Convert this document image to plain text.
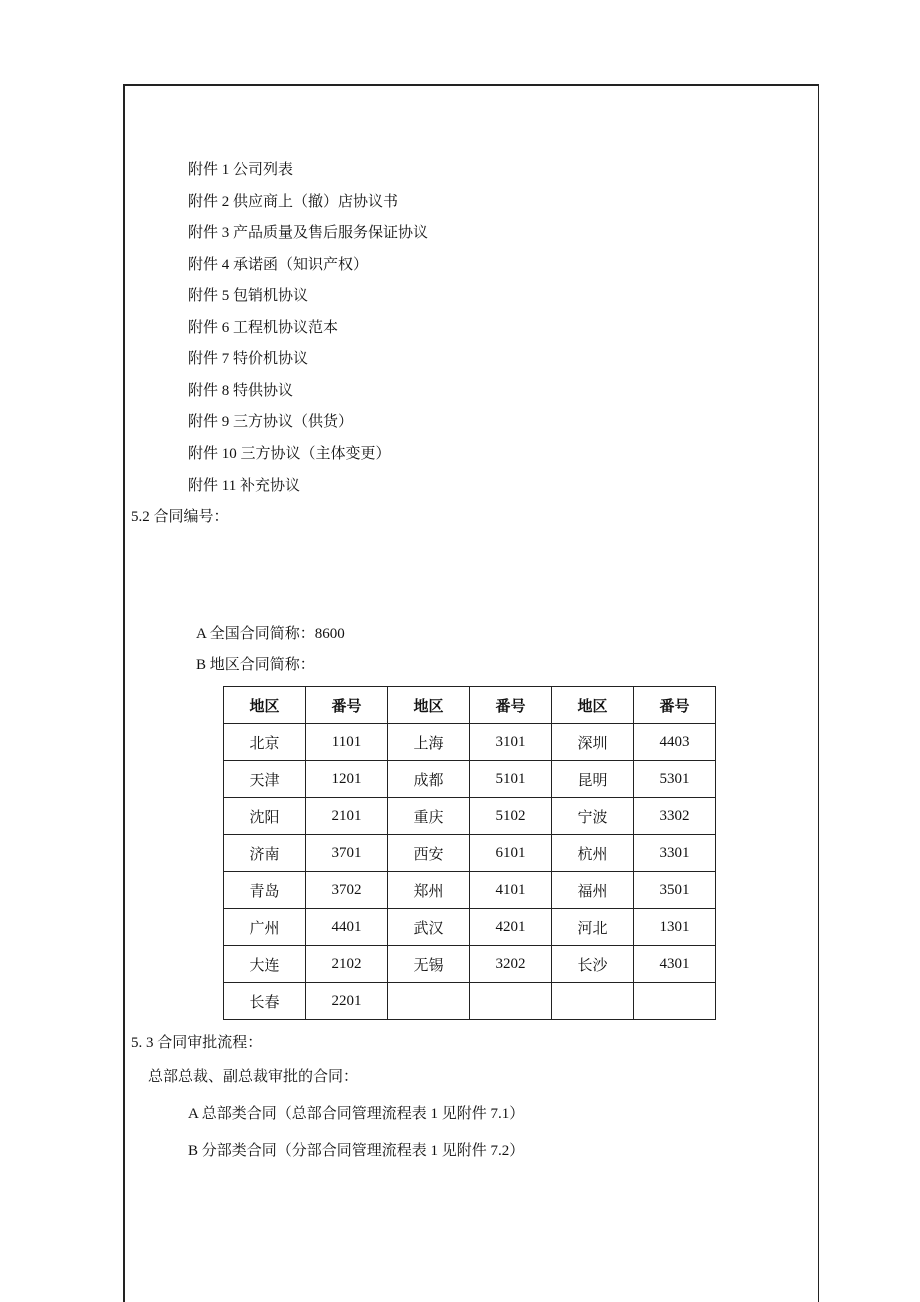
附件 1 公司列表
附件 2 供应商上（撤）店协议书
附件 3 产品质量及售后服务保证协议
附件 4 承诺函（知识产权）
附件 5 包销机协议
附件 6 工程机协议范本
附件 7 特价机协议
附件 8 特供协议
附件 9 三方协议（供货）
附件 10 三方协议（主体变更）
附件 11 补充协议
5.2 合同编号：
A 全国合同简称：8600
B 地区合同简称：
地区	番号	地区	番号	地区	番号
北京	1101	上海	3101	深圳	4403
天津	1201	成都	5101	昆明	5301
沈阳	2101	重庆	5102	宁波	3302
济南	3701	西安	6101	杭州	3301
青岛	3702	郑州	4101	福州	3501
广州	4401	武汉	4201	河北	1301
大连	2102	无锡	3202	长沙	4301
长春	2201				
5. 3 合同审批流程：
总部总裁、副总裁审批的合同：
A 总部类合同（总部合同管理流程表 1 见附件 7.1）
B 分部类合同（分部合同管理流程表 1 见附件 7.2）
